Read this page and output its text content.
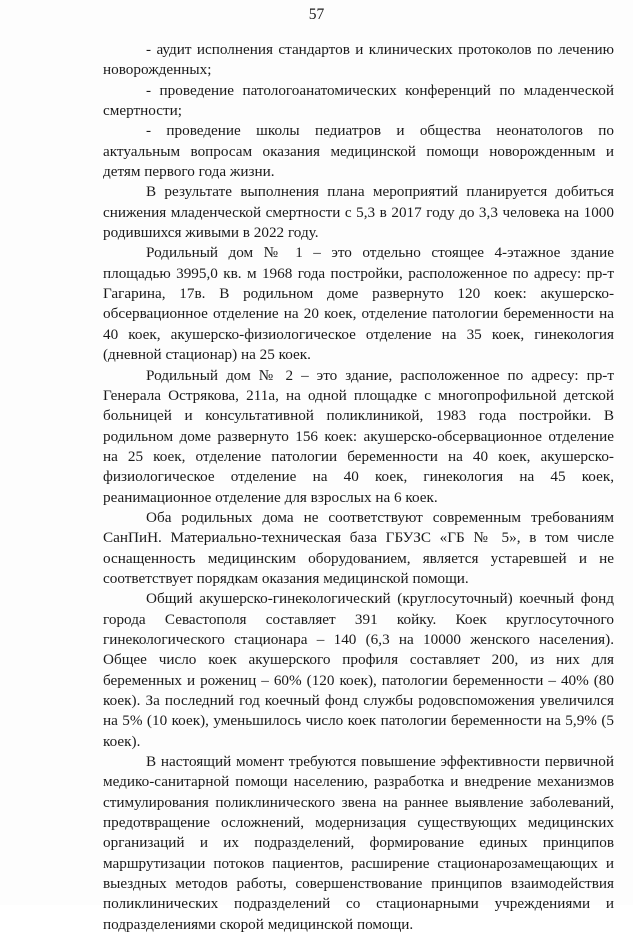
57

- аудит исполнения стандартов и клинических протоколов по лечению новорожденных;

- проведение патологоанатомических конференций по младенческой смертности;

- проведение школы педиатров и общества неонатологов по актуальным вопросам оказания медицинской помощи новорожденным и детям первого года жизни.

В результате выполнения плана мероприятий планируется добиться снижения младенческой смертности с 5,3 в 2017 году до 3,3 человека на 1000 родившихся живыми в 2022 году.

Родильный дом № 1 – это отдельно стоящее 4-этажное здание площадью 3995,0 кв. м 1968 года постройки, расположенное по адресу: пр-т Гагарина, 17в. В родильном доме развернуто 120 коек: акушерско-обсервационное отделение на 20 коек, отделение патологии беременности на 40 коек, акушерско-физиологическое отделение на 35 коек, гинекология (дневной стационар) на 25 коек.

Родильный дом № 2 – это здание, расположенное по адресу: пр-т Генерала Острякова, 211а, на одной площадке с многопрофильной детской больницей и консультативной поликлиникой, 1983 года постройки. В родильном доме развернуто 156 коек: акушерско-обсервационное отделение на 25 коек, отделение патологии беременности на 40 коек, акушерско-физиологическое отделение на 40 коек, гинекология на 45 коек, реанимационное отделение для взрослых на 6 коек.

Оба родильных дома не соответствуют современным требованиям СанПиН. Материально-техническая база ГБУЗС «ГБ № 5», в том числе оснащенность медицинским оборудованием, является устаревшей и не соответствует порядкам оказания медицинской помощи.

Общий акушерско-гинекологический (круглосуточный) коечный фонд города Севастополя составляет 391 койку. Коек круглосуточного гинекологического стационара – 140 (6,3 на 10000 женского населения). Общее число коек акушерского профиля составляет 200, из них для беременных и рожениц – 60% (120 коек), патологии беременности – 40% (80 коек). За последний год коечный фонд службы родовспоможения увеличился на 5% (10 коек), уменьшилось число коек патологии беременности на 5,9% (5 коек).

В настоящий момент требуются повышение эффективности первичной медико-санитарной помощи населению, разработка и внедрение механизмов стимулирования поликлинического звена на раннее выявление заболеваний, предотвращение осложнений, модернизация существующих медицинских организаций и их подразделений, формирование единых принципов маршрутизации потоков пациентов, расширение стационарозамещающих и выездных методов работы, совершенствование принципов взаимодействия поликлинических подразделений со стационарными учреждениями и подразделениями скорой медицинской помощи.
